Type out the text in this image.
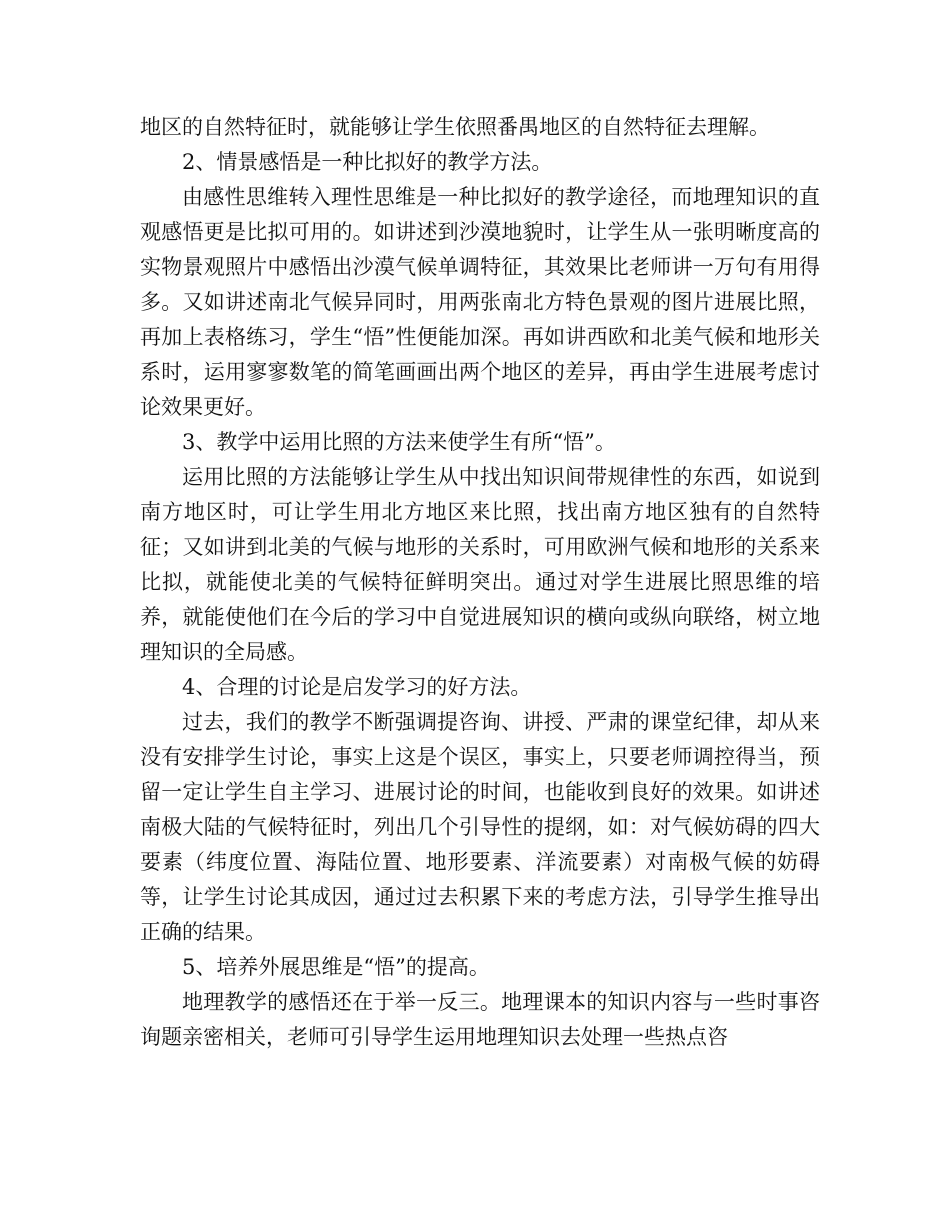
地区的自然特征时，就能够让学生依照番禺地区的自然特征去理解。

2、情景感悟是一种比拟好的教学方法。

由感性思维转入理性思维是一种比拟好的教学途径，而地理知识的直观感悟更是比拟可用的。如讲述到沙漠地貌时，让学生从一张明晰度高的实物景观照片中感悟出沙漠气候单调特征，其效果比老师讲一万句有用得多。又如讲述南北气候异同时，用两张南北方特色景观的图片进展比照，再加上表格练习，学生“悟”性便能加深。再如讲西欧和北美气候和地形关系时，运用寥寥数笔的简笔画画出两个地区的差异，再由学生进展考虑讨论效果更好。

3、教学中运用比照的方法来使学生有所“悟”。

运用比照的方法能够让学生从中找出知识间带规律性的东西，如说到南方地区时，可让学生用北方地区来比照，找出南方地区独有的自然特征；又如讲到北美的气候与地形的关系时，可用欧洲气候和地形的关系来比拟，就能使北美的气候特征鲜明突出。通过对学生进展比照思维的培养，就能使他们在今后的学习中自觉进展知识的横向或纵向联络，树立地理知识的全局感。

4、合理的讨论是启发学习的好方法。

过去，我们的教学不断强调提咨询、讲授、严肃的课堂纪律，却从来没有安排学生讨论，事实上这是个误区，事实上，只要老师调控得当，预留一定让学生自主学习、进展讨论的时间，也能收到良好的效果。如讲述南极大陆的气候特征时，列出几个引导性的提纲，如：对气候妨碍的四大要素（纬度位置、海陆位置、地形要素、洋流要素）对南极气候的妨碍等，让学生讨论其成因，通过过去积累下来的考虑方法，引导学生推导出正确的结果。

5、培养外展思维是“悟”的提高。

地理教学的感悟还在于举一反三。地理课本的知识内容与一些时事咨询题亲密相关，老师可引导学生运用地理知识去处理一些热点咨
